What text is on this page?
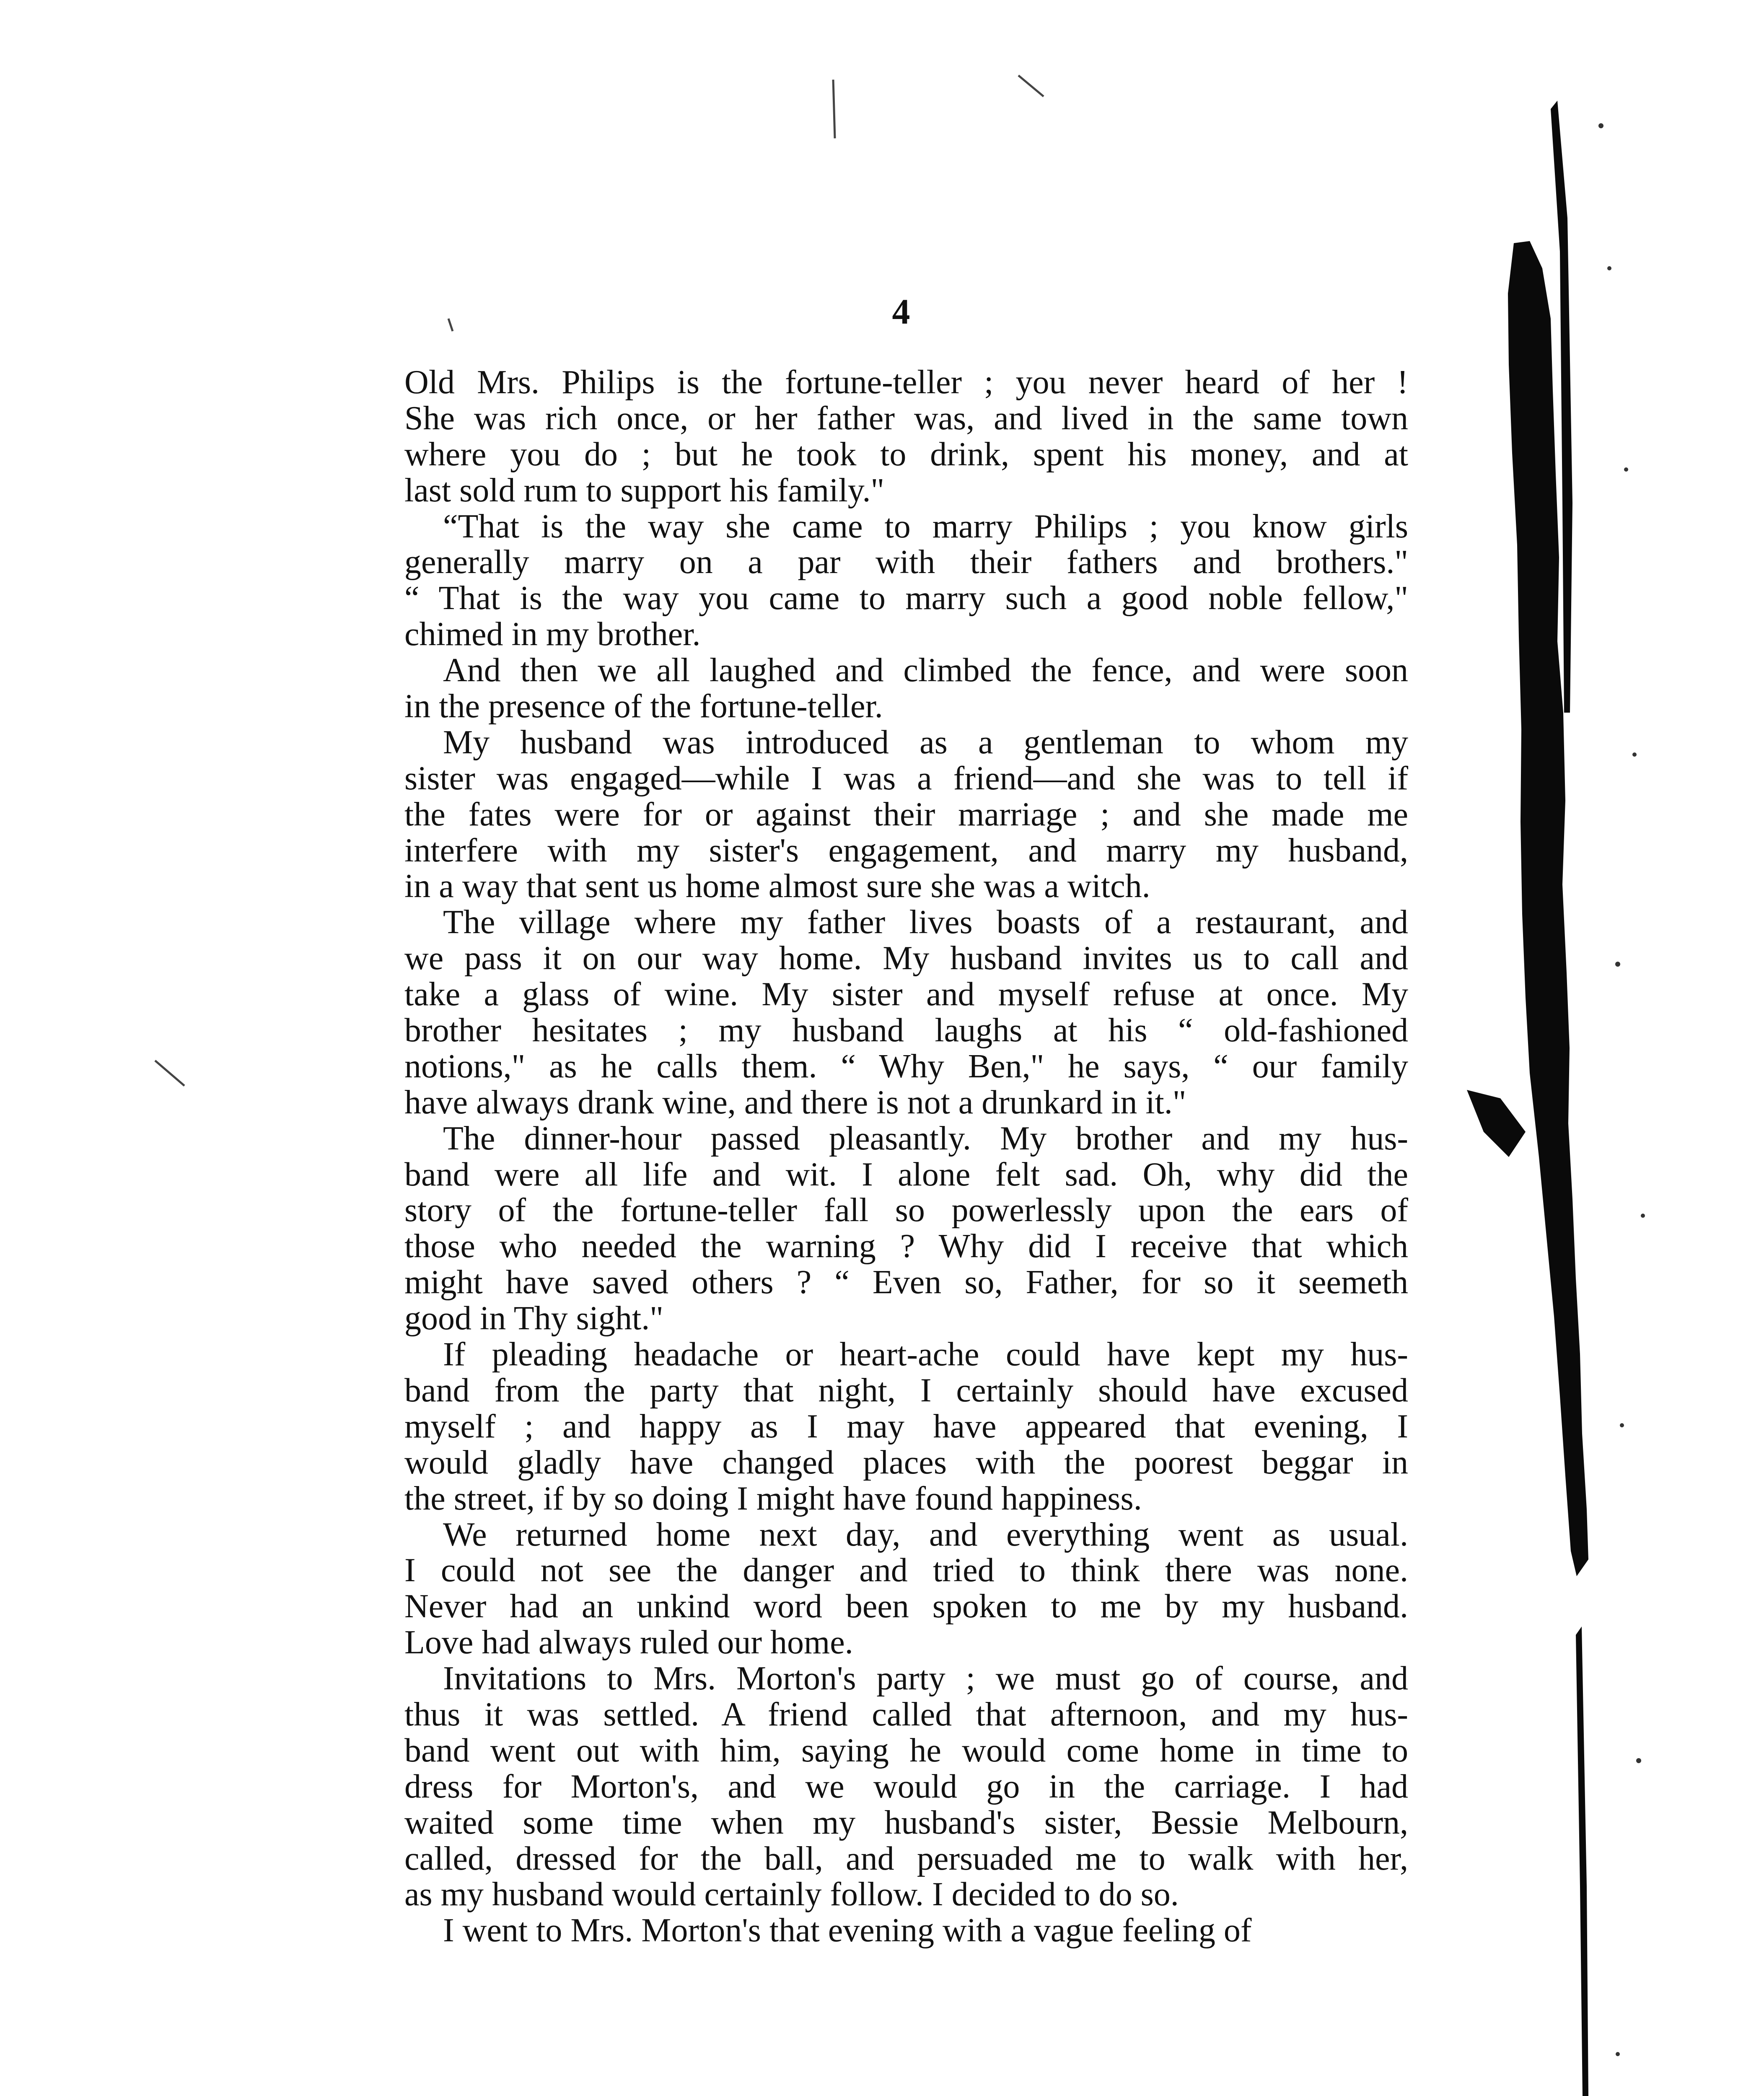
4
Old Mrs. Philips is the fortune-teller ; you never heard of her !
She was rich once, or her father was, and lived in the same town
where you do ; but he took to drink, spent his money, and at
last sold rum to support his family."
“That is the way she came to marry Philips ; you know girls
generally marry on a par with their fathers and brothers."
“ That is the way you came to marry such a good noble fellow,"
chimed in my brother.
And then we all laughed and climbed the fence, and were soon
in the presence of the fortune-teller.
My husband was introduced as a gentleman to whom my
sister was engaged—while I was a friend—and she was to tell if
the fates were for or against their marriage ; and she made me
interfere with my sister's engagement, and marry my husband,
in a way that sent us home almost sure she was a witch.
The village where my father lives boasts of a restaurant, and
we pass it on our way home. My husband invites us to call and
take a glass of wine. My sister and myself refuse at once. My
brother hesitates ; my husband laughs at his “ old-fashioned
notions," as he calls them. “ Why Ben," he says, “ our family
have always drank wine, and there is not a drunkard in it."
The dinner-hour passed pleasantly. My brother and my hus-
band were all life and wit. I alone felt sad. Oh, why did the
story of the fortune-teller fall so powerlessly upon the ears of
those who needed the warning ? Why did I receive that which
might have saved others ? “ Even so, Father, for so it seemeth
good in Thy sight."
If pleading headache or heart-ache could have kept my hus-
band from the party that night, I certainly should have excused
myself ; and happy as I may have appeared that evening, I
would gladly have changed places with the poorest beggar in
the street, if by so doing I might have found happiness.
We returned home next day, and everything went as usual.
I could not see the danger and tried to think there was none.
Never had an unkind word been spoken to me by my husband.
Love had always ruled our home.
Invitations to Mrs. Morton's party ; we must go of course, and
thus it was settled. A friend called that afternoon, and my hus-
band went out with him, saying he would come home in time to
dress for Morton's, and we would go in the carriage. I had
waited some time when my husband's sister, Bessie Melbourn,
called, dressed for the ball, and persuaded me to walk with her,
as my husband would certainly follow. I decided to do so.
I went to Mrs. Morton's that evening with a vague feeling of
